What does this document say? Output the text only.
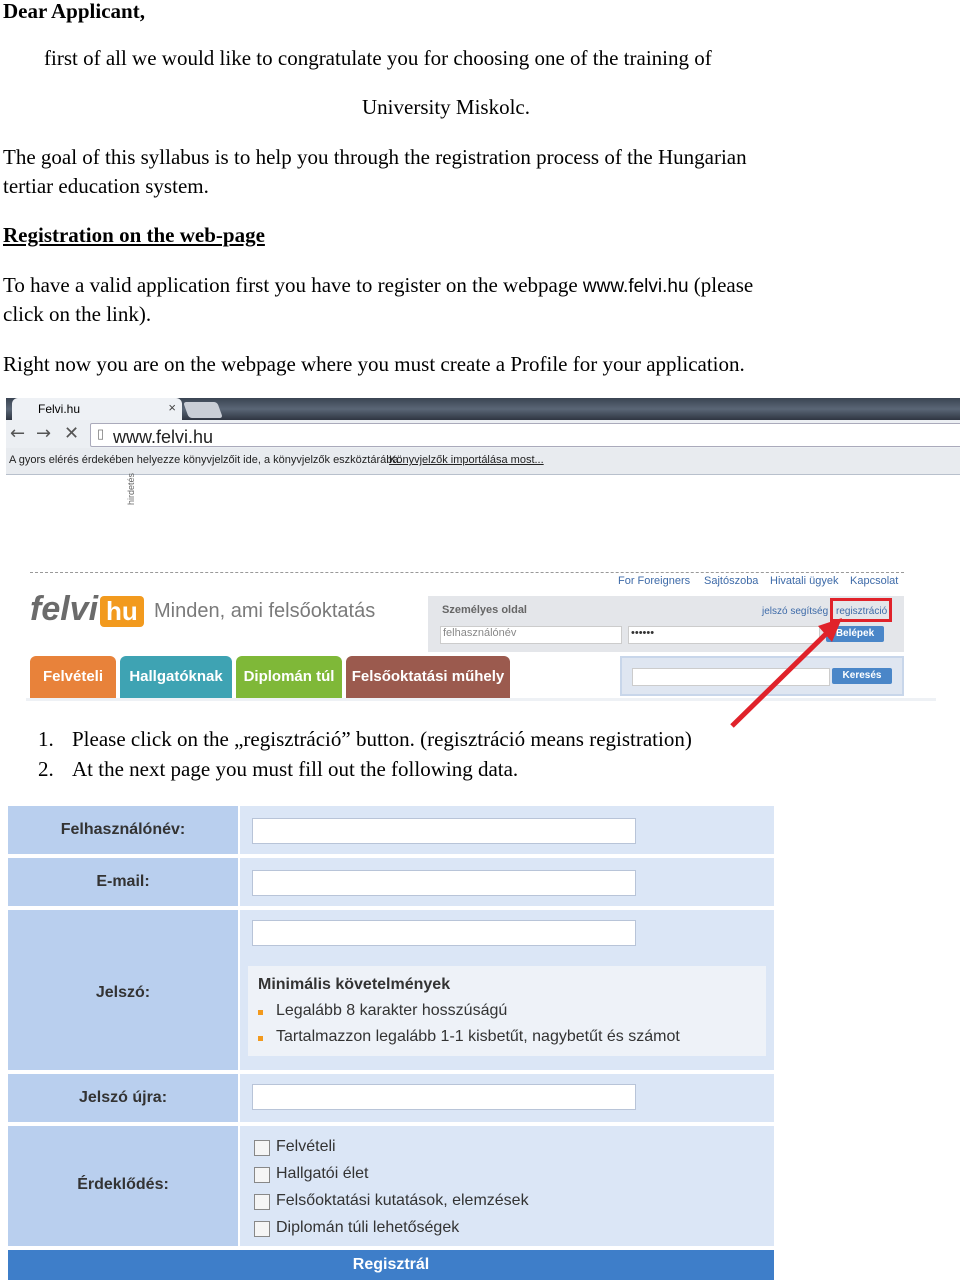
Dear Applicant,
first of all we would like to congratulate you for choosing one of the training of
University Miskolc.
The goal of this syllabus is to help you through the registration process of the Hungarian
tertiar education system.
Registration on the web-page
To have a valid application first you have to register on the webpage www.felvi.hu (please
click on the link).
Right now you are on the webpage where you must create a Profile for your application.
Felvi.hu	×
← → ✕ ▯ www.felvi.hu
A gyors elérés érdekében helyezze könyvjelzőit ide, a könyvjelzők eszköztárába.
Könyvjelzők importálása most...
hirdetés
For Foreigners Sajtószoba Hivatali ügyek Kapcsolat
felvi hu Minden, ami felsőoktatás	Személyes oldal	jelszó segítség regisztráció
felhasználónév	••••••	Belépek
Felvételi	Hallgatóknak	Diplomán túl	Felsőoktatási műhely	Keresés
1. Please click on the „regisztráció” button. (regisztráció means registration)
2. At the next page you must fill out the following data.
Felhasználónév:
E-mail:
Jelszó:	Minimális követelmények
Legalább 8 karakter hosszúságú
Tartalmazzon legalább 1-1 kisbetűt, nagybetűt és számot
Jelszó újra:
Érdeklődés:
Felvételi
Hallgatói élet
Felsőoktatási kutatások, elemzések
Diplomán túli lehetőségek
Regisztrál
